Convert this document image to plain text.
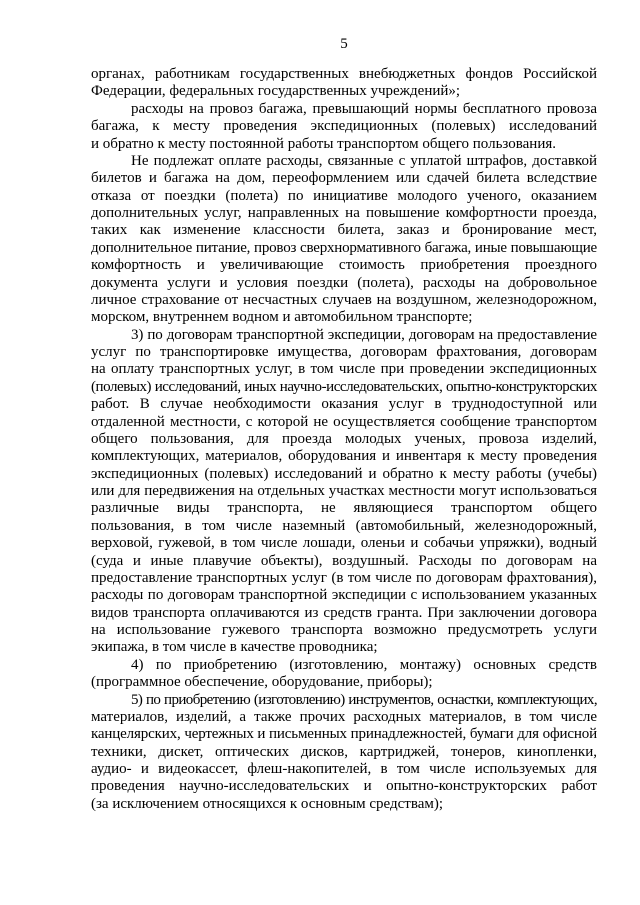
5
органах, работникам государственных внебюджетных фондов Российской
Федерации, федеральных государственных учреждений»;
расходы на провоз багажа, превышающий нормы бесплатного провоза
багажа, к месту проведения экспедиционных (полевых) исследований
и обратно к месту постоянной работы транспортом общего пользования.
Не подлежат оплате расходы, связанные с уплатой штрафов, доставкой
билетов и багажа на дом, переоформлением или сдачей билета вследствие
отказа от поездки (полета) по инициативе молодого ученого, оказанием
дополнительных услуг, направленных на повышение комфортности проезда,
таких как изменение классности билета, заказ и бронирование мест,
дополнительное питание, провоз сверхнормативного багажа, иные повышающие
комфортность и увеличивающие стоимость приобретения проездного
документа услуги и условия поездки (полета), расходы на добровольное
личное страхование от несчастных случаев на воздушном, железнодорожном,
морском, внутреннем водном и автомобильном транспорте;
3) по договорам транспортной экспедиции, договорам на предоставление
услуг по транспортировке имущества, договорам фрахтования, договорам
на оплату транспортных услуг, в том числе при проведении экспедиционных
(полевых) исследований, иных научно-исследовательских, опытно-конструкторских
работ. В случае необходимости оказания услуг в труднодоступной или
отдаленной местности, с которой не осуществляется сообщение транспортом
общего пользования, для проезда молодых ученых, провоза изделий,
комплектующих, материалов, оборудования и инвентаря к месту проведения
экспедиционных (полевых) исследований и обратно к месту работы (учебы)
или для передвижения на отдельных участках местности могут использоваться
различные виды транспорта, не являющиеся транспортом общего
пользования, в том числе наземный (автомобильный, железнодорожный,
верховой, гужевой, в том числе лошади, оленьи и собачьи упряжки), водный
(суда и иные плавучие объекты), воздушный. Расходы по договорам на
предоставление транспортных услуг (в том числе по договорам фрахтования),
расходы по договорам транспортной экспедиции с использованием указанных
видов транспорта оплачиваются из средств гранта. При заключении договора
на использование гужевого транспорта возможно предусмотреть услуги
экипажа, в том числе в качестве проводника;
4) по приобретению (изготовлению, монтажу) основных средств
(программное обеспечение, оборудование, приборы);
5) по приобретению (изготовлению) инструментов, оснастки, комплектующих,
материалов, изделий, а также прочих расходных материалов, в том числе
канцелярских, чертежных и письменных принадлежностей, бумаги для офисной
техники, дискет, оптических дисков, картриджей, тонеров, кинопленки,
аудио- и видеокассет, флеш-накопителей, в том числе используемых для
проведения научно-исследовательских и опытно-конструкторских работ
(за исключением относящихся к основным средствам);
